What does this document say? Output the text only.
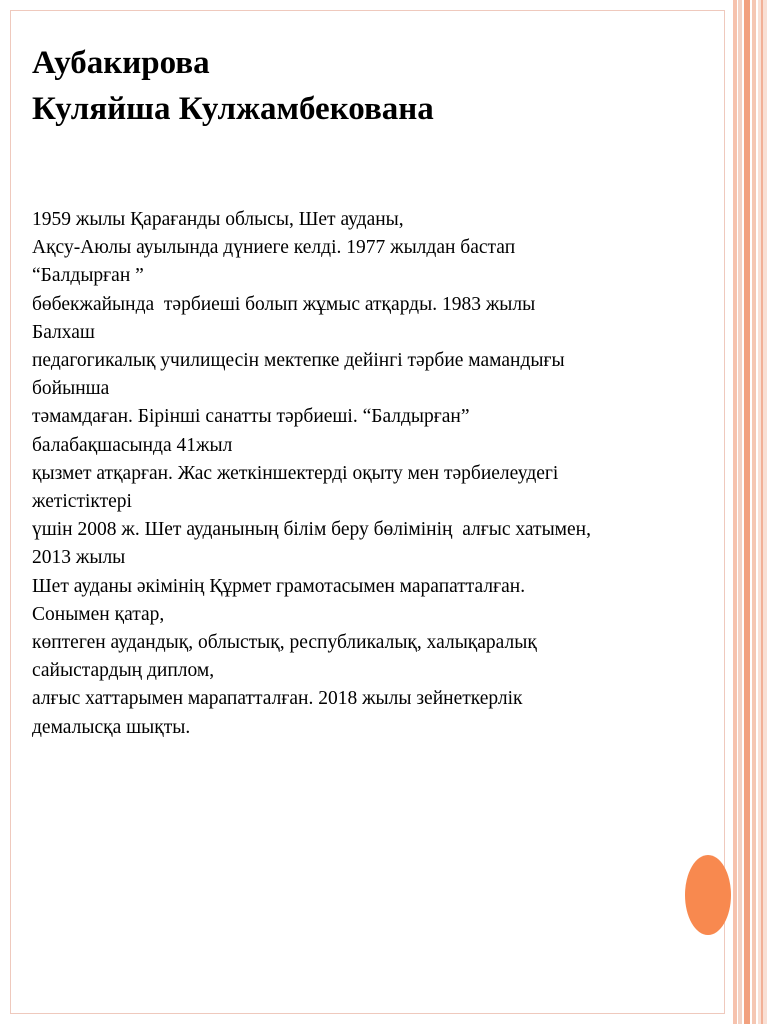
Аубакирова
Куляйша Кулжамбекована
1959 жылы Қарағанды облысы, Шет ауданы,
Ақсу-Аюлы ауылында дүниеге келді. 1977 жылдан бастап
“Балдырған ”
бөбекжайында  тәрбиеші болып жұмыс атқарды. 1983 жылы
Балхаш
педагогикалық училищесін мектепке дейінгі тәрбие мамандығы
бойынша
тәмамдаған. Бірінші санатты тәрбиеші. “Балдырған”
балабақшасында 41жыл
қызмет атқарған. Жас жеткіншектерді оқыту мен тәрбиелеудегі
жетістіктері
үшін 2008 ж. Шет ауданының білім беру бөлімінің  алғыс хатымен,
2013 жылы
Шет ауданы әкімінің Құрмет грамотасымен марапатталған.
Сонымен қатар,
көптеген аудандық, облыстық, республикалық, халықаралық
сайыстардың диплом,
алғыс хаттарымен марапатталған. 2018 жылы зейнеткерлік
демалысқа шықты.
